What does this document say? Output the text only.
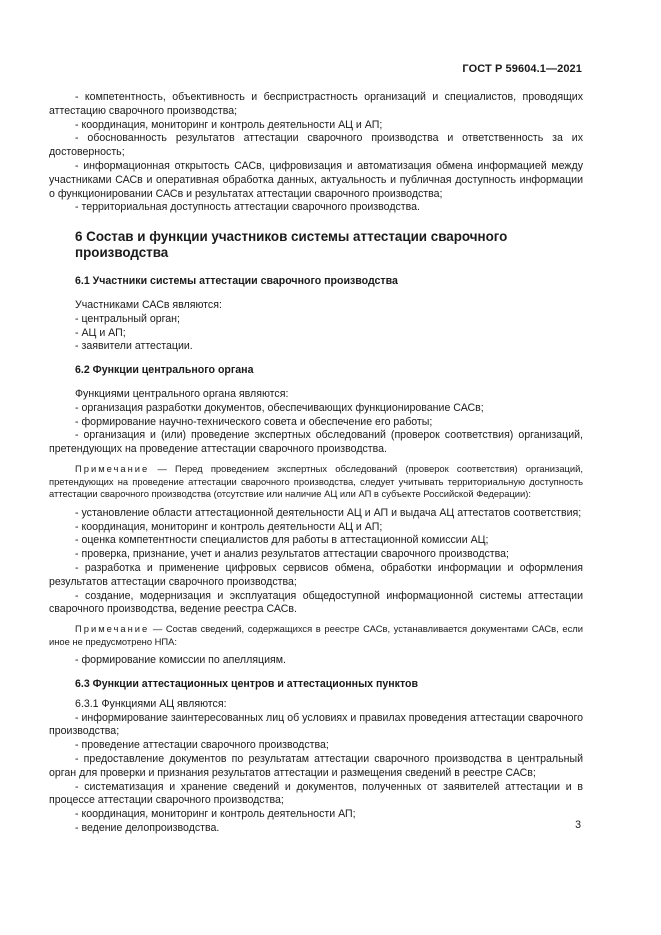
ГОСТ Р 59604.1—2021

- компетентность, объективность и беспристрастность организаций и специалистов, проводящих аттестацию сварочного производства;

- координация, мониторинг и контроль деятельности АЦ и АП;

- обоснованность результатов аттестации сварочного производства и ответственность за их достоверность;

- информационная открытость САСв, цифровизация и автоматизация обмена информацией между участниками САСв и оперативная обработка данных, актуальность и публичная доступность информации о функционировании САСв и результатах аттестации сварочного производства;

- территориальная доступность аттестации сварочного производства.

6 Состав и функции участников системы аттестации сварочного производства
6.1 Участники системы аттестации сварочного производства

Участниками САСв являются:

- центральный орган;

- АЦ и АП;

- заявители аттестации.

6.2 Функции центрального органа

Функциями центрального органа являются:

- организация разработки документов, обеспечивающих функционирование САСв;

- формирование научно-технического совета и обеспечение его работы;

- организация и (или) проведение экспертных обследований (проверок соответствия) организаций, претендующих на проведение аттестации сварочного производства.

Примечание — Перед проведением экспертных обследований (проверок соответствия) организаций, претендующих на проведение аттестации сварочного производства, следует учитывать территориальную доступность аттестации сварочного производства (отсутствие или наличие АЦ или АП в субъекте Российской Федерации):

- установление области аттестационной деятельности АЦ и АП и выдача АЦ аттестатов соответствия;

- координация, мониторинг и контроль деятельности АЦ и АП;

- оценка компетентности специалистов для работы в аттестационной комиссии АЦ;

- проверка, признание, учет и анализ результатов аттестации сварочного производства;

- разработка и применение цифровых сервисов обмена, обработки информации и оформления результатов аттестации сварочного производства;

- создание, модернизация и эксплуатация общедоступной информационной системы аттестации сварочного производства, ведение реестра САСв.

Примечание — Состав сведений, содержащихся в реестре САСв, устанавливается документами САСв, если иное не предусмотрено НПА:

- формирование комиссии по апелляциям.

6.3 Функции аттестационных центров и аттестационных пунктов

6.3.1 Функциями АЦ являются:

- информирование заинтересованных лиц об условиях и правилах проведения аттестации сварочного производства;

- проведение аттестации сварочного производства;

- предоставление документов по результатам аттестации сварочного производства в центральный орган для проверки и признания результатов аттестации и размещения сведений в реестре САСв;

- систематизация и хранение сведений и документов, полученных от заявителей аттестации и в процессе аттестации сварочного производства;

- координация, мониторинг и контроль деятельности АП;

- ведение делопроизводства.	3
